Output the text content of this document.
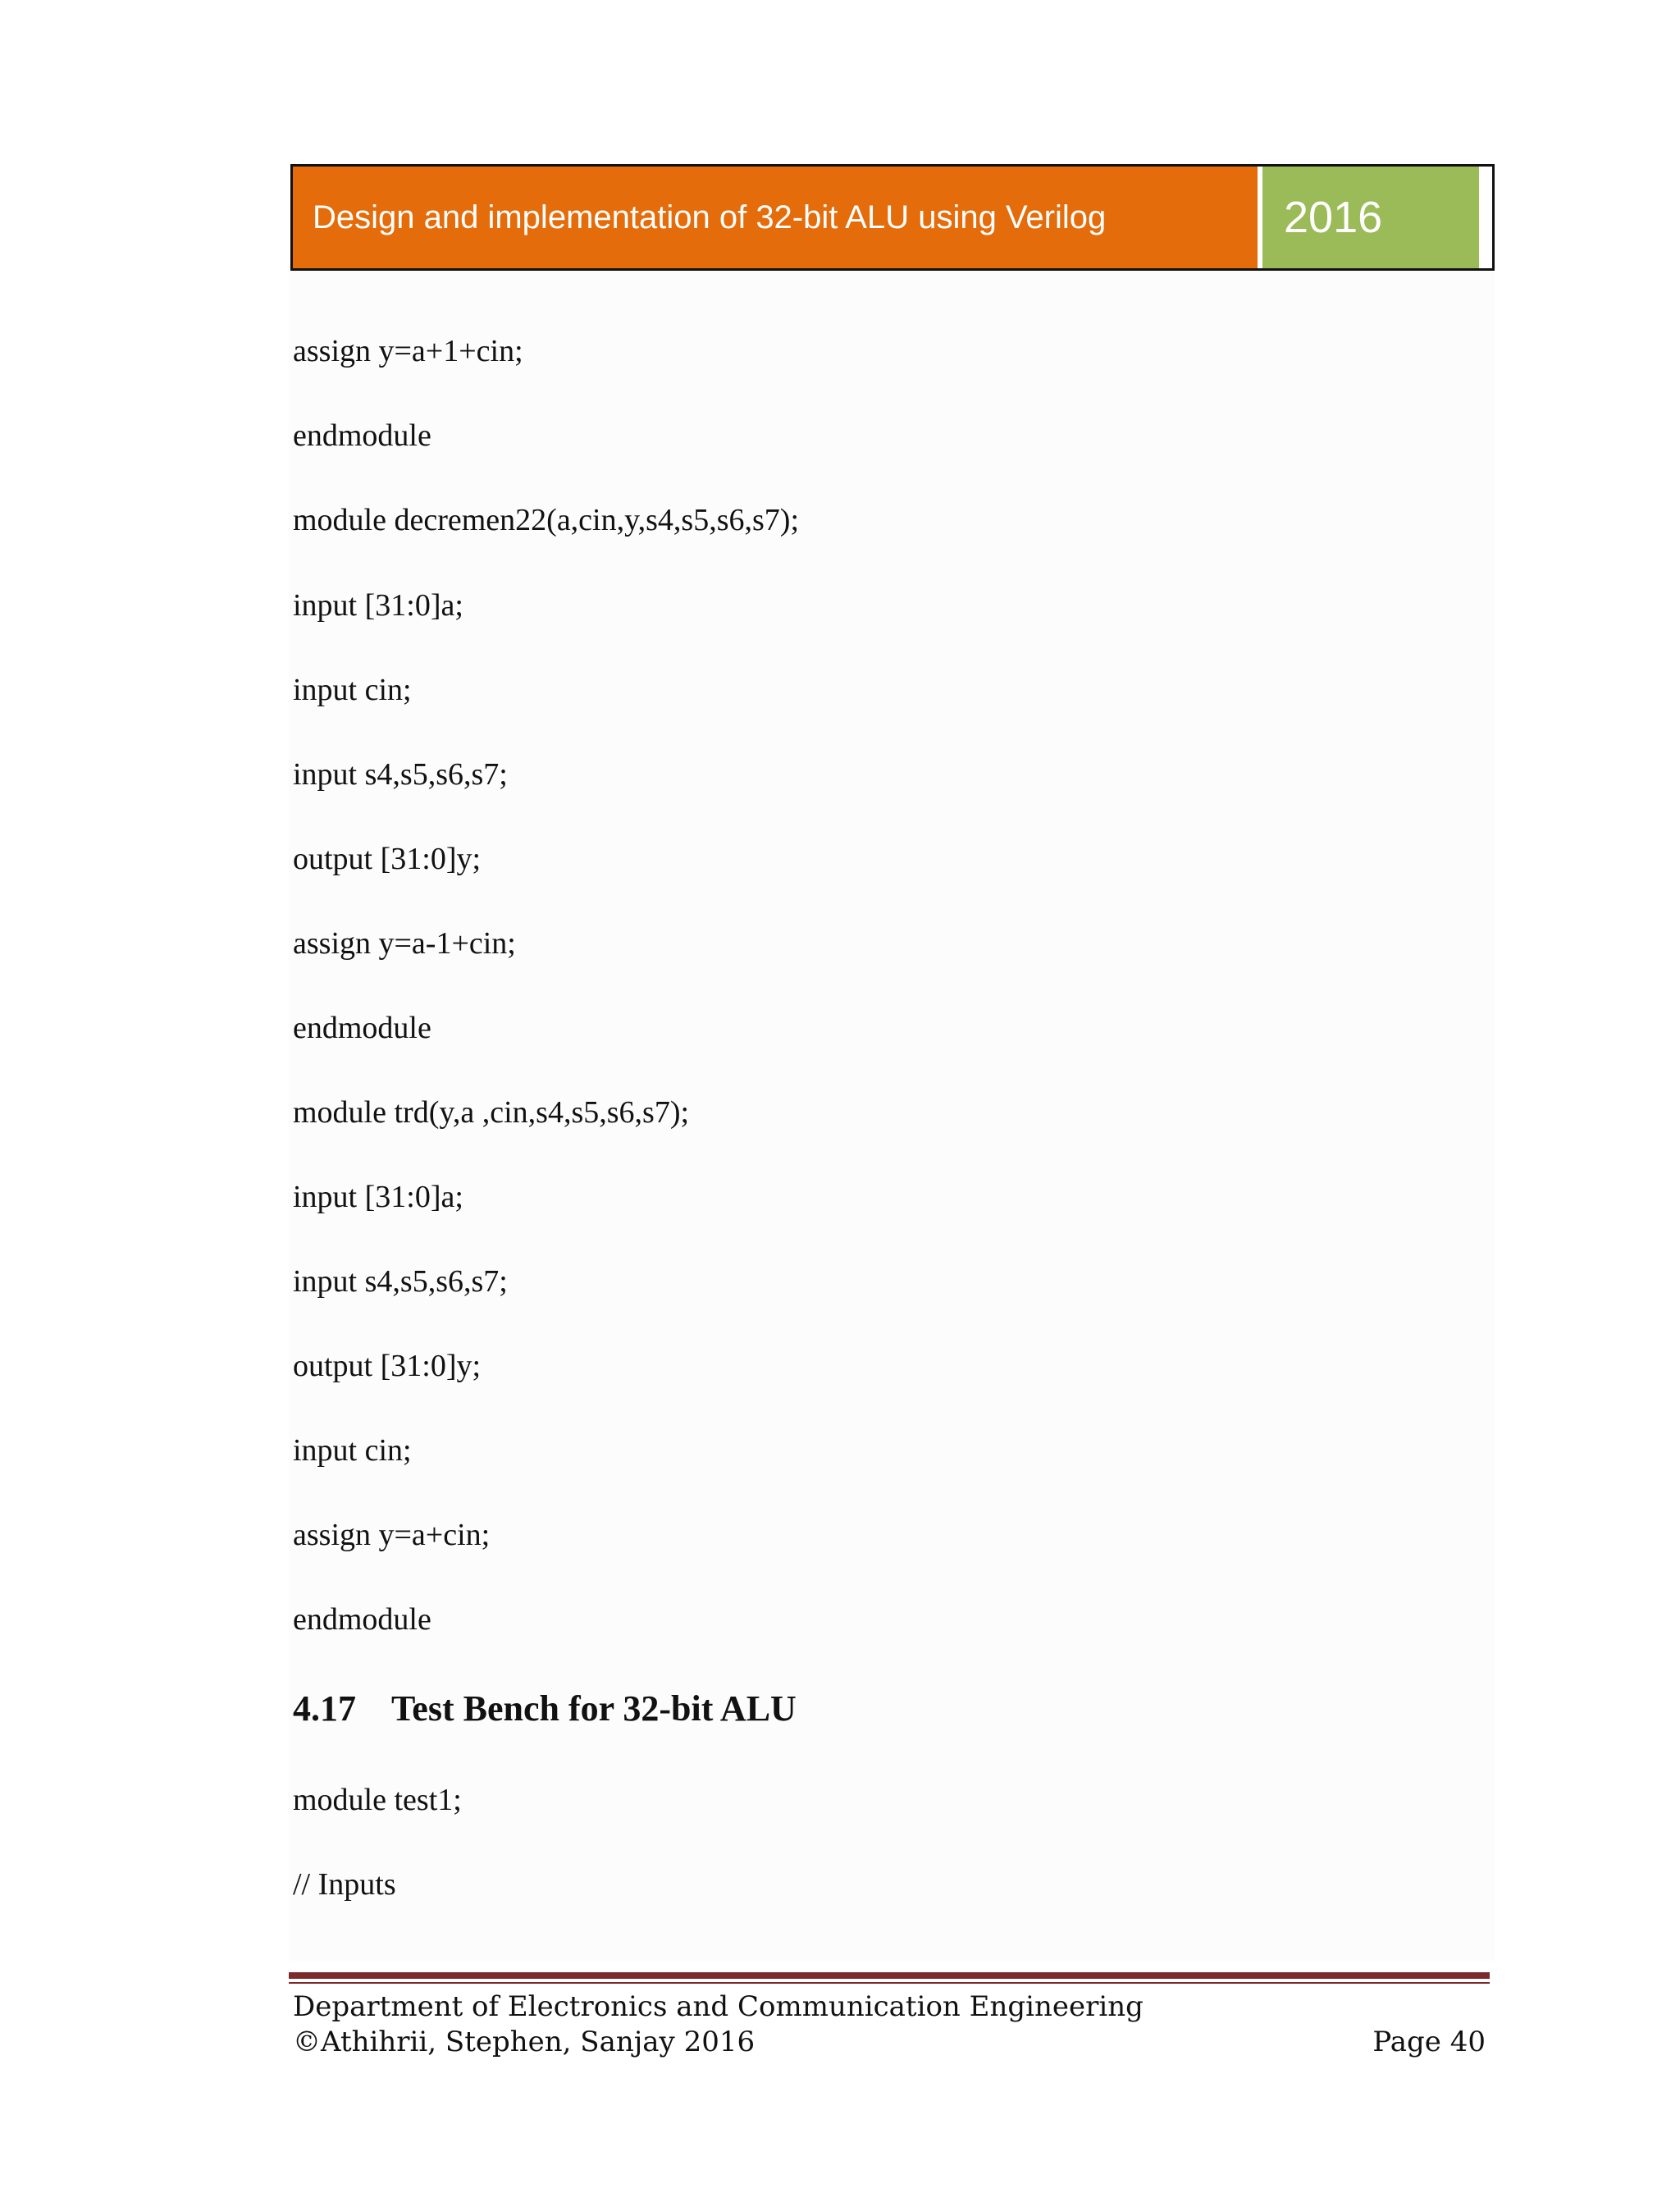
Design and implementation of 32-bit ALU using Verilog	2016
assign y=a+1+cin;
endmodule
module decremen22(a,cin,y,s4,s5,s6,s7);
input [31:0]a;
input cin;
input s4,s5,s6,s7;
output [31:0]y;
assign y=a-1+cin;
endmodule
module trd(y,a ,cin,s4,s5,s6,s7);
input [31:0]a;
input s4,s5,s6,s7;
output [31:0]y;
input cin;
assign y=a+cin;
endmodule
4.17 Test Bench for 32-bit ALU
module test1;
// Inputs
Department of Electronics and Communication Engineering
©Athihrii, Stephen, Sanjay 2016	Page 40
